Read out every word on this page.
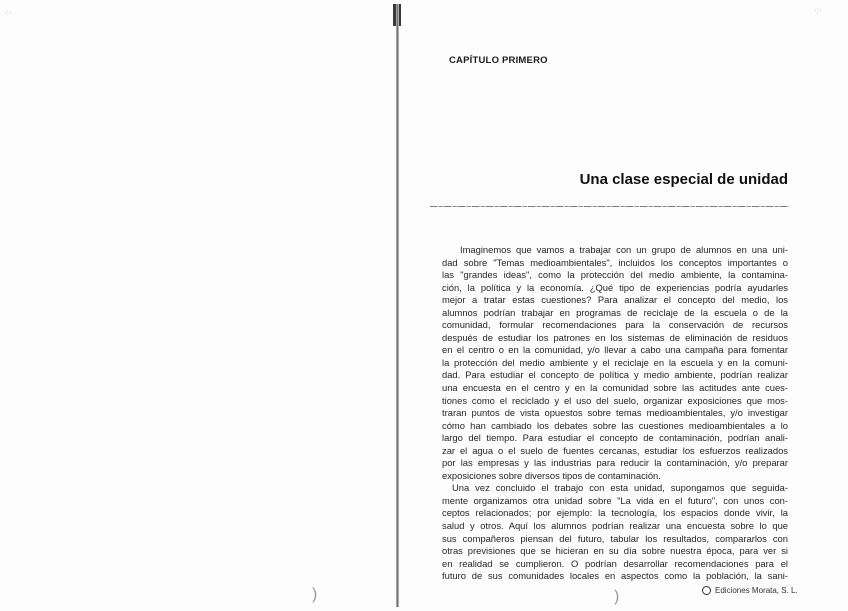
·:·
)
·:·
CAPÍTULO PRIMERO
Una clase especial de unidad
Imaginemos que vamos a trabajar con un grupo de alumnos en una uni-
dad sobre "Temas medioambientales", incluidos los conceptos importantes o
las "grandes ideas", como la protección del medio ambiente, la contamina-
ción, la política y la economía. ¿Qué tipo de experiencias podría ayudarles
mejor a tratar estas cuestiones? Para analizar el concepto del medio, los
alumnos podrían trabajar en programas de reciclaje de la escuela o de la
comunidad, formular recomendaciones para la conservación de recursos
después de estudiar los patrones en los sistemas de eliminación de residuos
en el centro o en la comunidad, y/o llevar a cabo una campaña para fomentar
la protección del medio ambiente y el reciclaje en la escuela y en la comuni-
dad. Para estudiar el concepto de política y medio ambiente, podrían realizar
una encuesta en el centro y en la comunidad sobre las actitudes ante cues-
tiones como el reciclado y el uso del suelo, organizar exposiciones que mos-
traran puntos de vista opuestos sobre temas medioambientales, y/o investigar
cómo han cambiado los debates sobre las cuestiones medioambientales a lo
largo del tiempo. Para estudiar el concepto de contaminación, podrían anali-
zar el agua o el suelo de fuentes cercanas, estudiar los esfuerzos realizados
por las empresas y las industrias para reducir la contaminación, y/o preparar
exposiciones sobre diversos tipos de contaminación.
Una vez concluido el trabajo con esta unidad, supongamos que seguida-
mente organizamos otra unidad sobre "La vida en el futuro", con unos con-
ceptos relacionados; por ejemplo: la tecnología, los espacios donde vivir, la
salud y otros. Aquí los alumnos podrían realizar una encuesta sobre lo que
sus compañeros piensan del futuro, tabular los resultados, compararlos con
otras previsiones que se hicieran en su día sobre nuestra época, para ver si
en realidad se cumplieron. O podrían desarrollar recomendaciones para el
futuro de sus comunidades locales en aspectos como la población, la sani-
)	Ediciones Morata, S. L.
